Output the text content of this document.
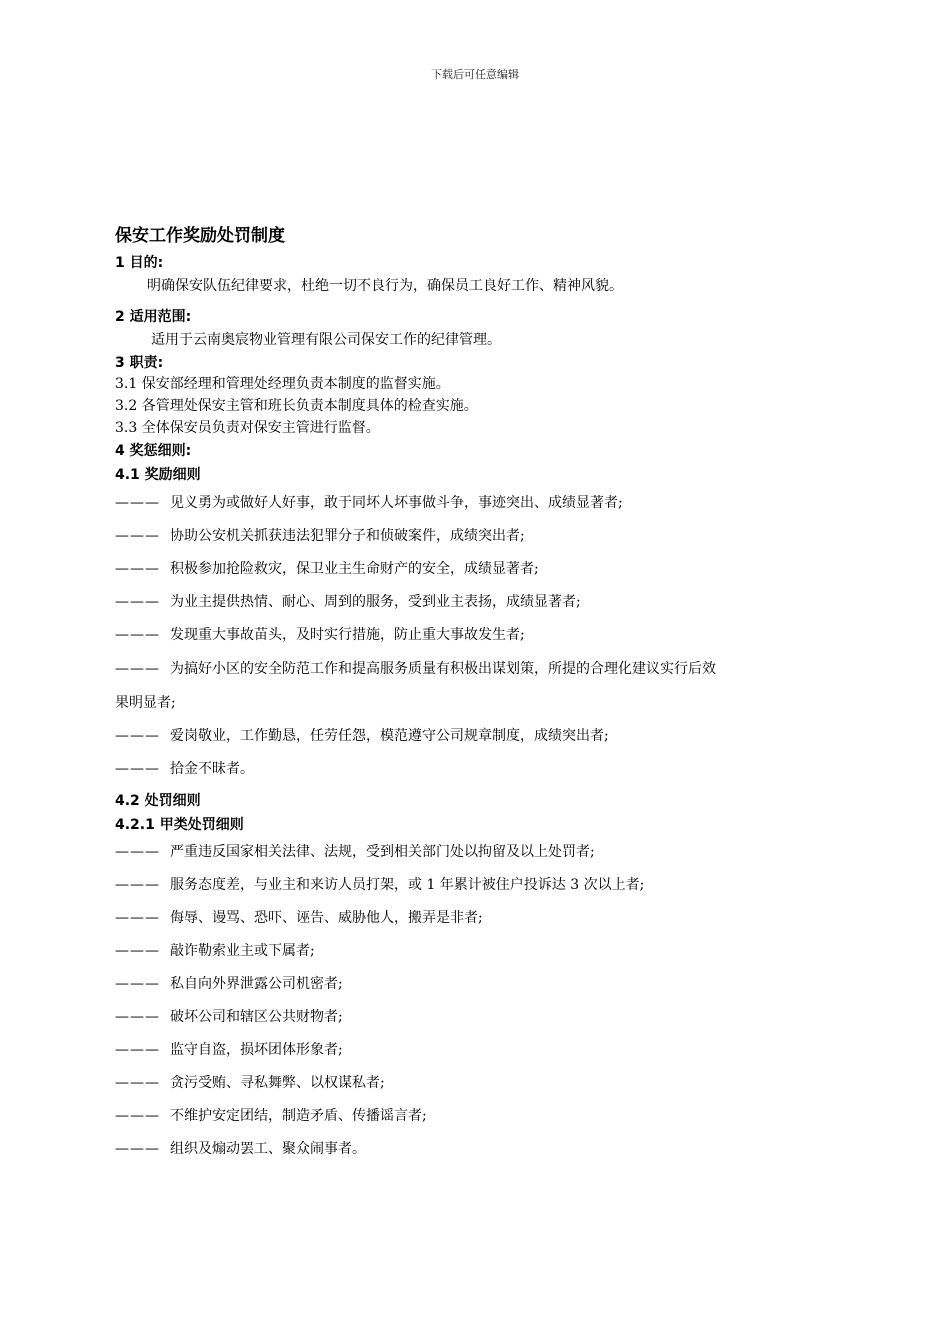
下载后可任意编辑
保安工作奖励处罚制度
1 目的:
明确保安队伍纪律要求，杜绝一切不良行为，确保员工良好工作、精神风貌。
2 适用范围:
适用于云南奥宸物业管理有限公司保安工作的纪律管理。
3 职责:
3.1 保安部经理和管理处经理负责本制度的监督实施。
3.2 各管理处保安主管和班长负责本制度具体的检查实施。
3.3 全体保安员负责对保安主管进行监督。
4 奖惩细则:
4.1 奖励细则
——— 见义勇为或做好人好事，敢于同坏人坏事做斗争，事迹突出、成绩显著者;
——— 协助公安机关抓获违法犯罪分子和侦破案件，成绩突出者;
——— 积极参加抢险救灾，保卫业主生命财产的安全，成绩显著者;
——— 为业主提供热情、耐心、周到的服务，受到业主表扬，成绩显著者;
——— 发现重大事故苗头，及时实行措施，防止重大事故发生者;
——— 为搞好小区的安全防范工作和提高服务质量有积极出谋划策，所提的合理化建议实行后效
果明显者;
——— 爱岗敬业，工作勤恳，任劳任怨，模范遵守公司规章制度，成绩突出者;
——— 拾金不昧者。
4.2 处罚细则
4.2.1 甲类处罚细则
——— 严重违反国家相关法律、法规，受到相关部门处以拘留及以上处罚者;
——— 服务态度差，与业主和来访人员打架，或 1 年累计被住户投诉达 3 次以上者;
——— 侮辱、谩骂、恐吓、诬告、威胁他人，搬弄是非者;
——— 敲诈勒索业主或下属者;
——— 私自向外界泄露公司机密者;
——— 破坏公司和辖区公共财物者;
——— 监守自盗，损坏团体形象者;
——— 贪污受贿、寻私舞弊、以权谋私者;
——— 不维护安定团结，制造矛盾、传播谣言者;
——— 组织及煽动罢工、聚众闹事者。
